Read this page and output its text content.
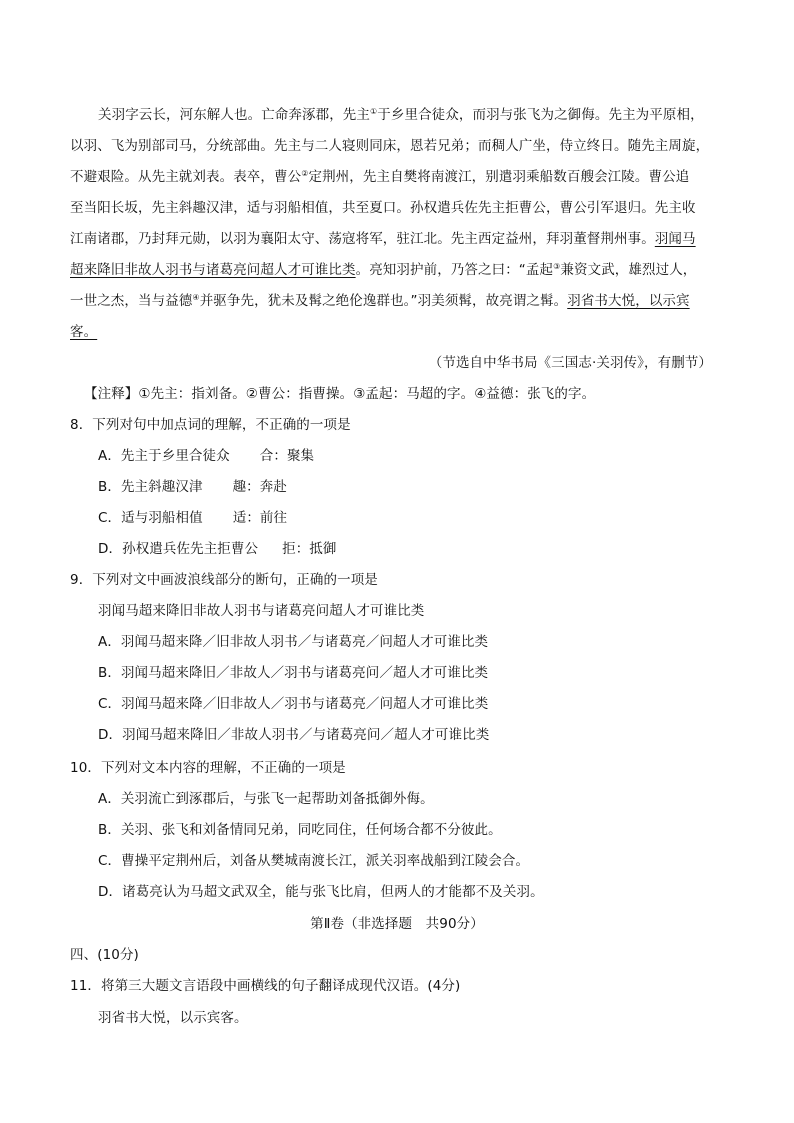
关羽字云长，河东解人也。亡命奔涿郡，先主①于乡里合徒众，而羽与张飞为之御侮。先主为平原相，
以羽、飞为别部司马，分统部曲。先主与二人寝则同床，恩若兄弟；而稠人广坐，侍立终日。随先主周旋，
不避艰险。从先主就刘表。表卒，曹公②定荆州，先主自樊将南渡江，别遣羽乘船数百艘会江陵。曹公追
至当阳长坂，先主斜趣汉津，适与羽船相值，共至夏口。孙权遣兵佐先主拒曹公，曹公引军退归。先主收
江南诸郡，乃封拜元勋，以羽为襄阳太守、荡寇将军，驻江北。先主西定益州，拜羽董督荆州事。羽闻马
超来降旧非故人羽书与诸葛亮问超人才可谁比类。亮知羽护前，乃答之曰：“孟起③兼资文武，雄烈过人，
一世之杰，当与益德④并驱争先，犹未及髯之绝伦逸群也。”羽美须髯，故亮谓之髯。羽省书大悦，以示宾
客。
（节选自中华书局《三国志·关羽传》，有删节）
【注释】①先主：指刘备。②曹公：指曹操。③孟起：马超的字。④益德：张飞的字。
8．下列对句中加点词的理解，不正确的一项是
A．先主于乡里合徒众 合：聚集
B．先主斜趣汉津 趣：奔赴
C．适与羽船相值 适：前往
D．孙权遣兵佐先主拒曹公 拒：抵御
9．下列对文中画波浪线部分的断句，正确的一项是
羽闻马超来降旧非故人羽书与诸葛亮问超人才可谁比类
A．羽闻马超来降／旧非故人羽书／与诸葛亮／问超人才可谁比类
B．羽闻马超来降旧／非故人／羽书与诸葛亮问／超人才可谁比类
C．羽闻马超来降／旧非故人／羽书与诸葛亮／问超人才可谁比类
D．羽闻马超来降旧／非故人羽书／与诸葛亮问／超人才可谁比类
10．下列对文本内容的理解，不正确的一项是
A．关羽流亡到涿郡后，与张飞一起帮助刘备抵御外侮。
B．关羽、张飞和刘备情同兄弟，同吃同住，任何场合都不分彼此。
C．曹操平定荆州后，刘备从樊城南渡长江，派关羽率战船到江陵会合。
D．诸葛亮认为马超文武双全，能与张飞比肩，但两人的才能都不及关羽。
第Ⅱ卷（非选择题　共90分）
四、(10分)
11．将第三大题文言语段中画横线的句子翻译成现代汉语。(4分)
羽省书大悦，以示宾客。
